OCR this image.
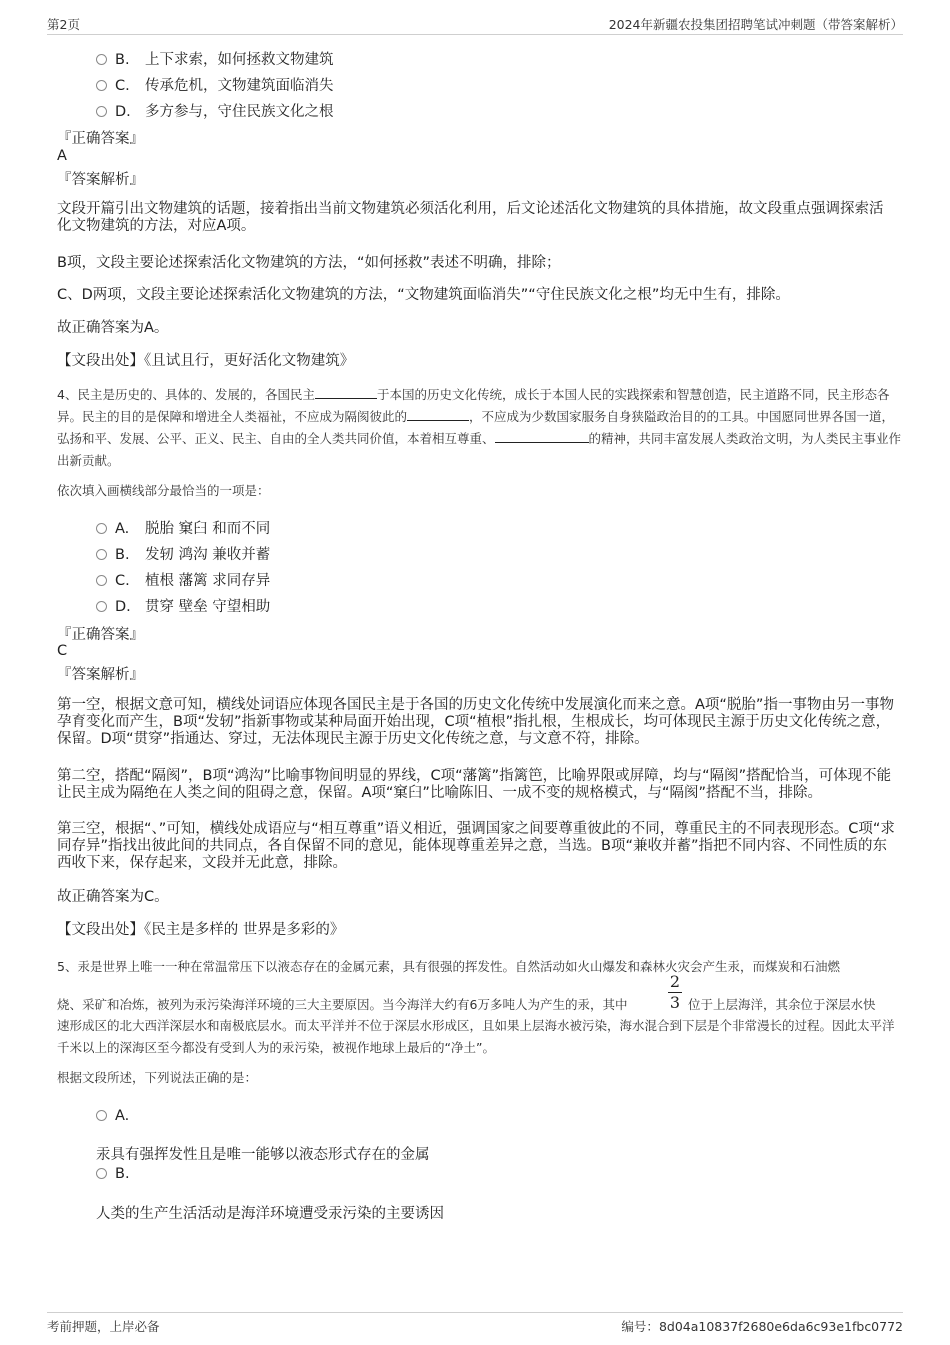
第2页	2024年新疆农投集团招聘笔试冲刺题（带答案解析）
B. 上下求索，如何拯救文物建筑
C. 传承危机，文物建筑面临消失
D. 多方参与，守住民族文化之根
『正确答案』
A
『答案解析』
文段开篇引出文物建筑的话题，接着指出当前文物建筑必须活化利用，后文论述活化文物建筑的具体措施，故文段重点强调探索活化文物建筑的方法，对应A项。
B项，文段主要论述探索活化文物建筑的方法，“如何拯救”表述不明确，排除；
C、D两项，文段主要论述探索活化文物建筑的方法，“文物建筑面临消失”“守住民族文化之根”均无中生有，排除。
故正确答案为A。
【文段出处】《且试且行，更好活化文物建筑》
4、民主是历史的、具体的、发展的，各国民主	于本国的历史文化传统，成长于本国人民的实践探索和智慧创造，民主道路不同，民主形态各异。民主的目的是保障和增进全人类福祉，不应成为隔阂彼此的	，不应成为少数国家服务自身狭隘政治目的的工具。中国愿同世界各国一道，弘扬和平、发展、公平、正义、民主、自由的全人类共同价值，本着相互尊重、	的精神，共同丰富发展人类政治文明，为人类民主事业作出新贡献。
依次填入画横线部分最恰当的一项是：
A. 脱胎 窠臼 和而不同
B. 发轫 鸿沟 兼收并蓄
C. 植根 藩篱 求同存异
D. 贯穿 壁垒 守望相助
『正确答案』
C
『答案解析』
第一空，根据文意可知，横线处词语应体现各国民主是于各国的历史文化传统中发展演化而来之意。A项“脱胎”指一事物由另一事物孕育变化而产生，B项“发轫”指新事物或某种局面开始出现，C项“植根”指扎根，生根成长，均可体现民主源于历史文化传统之意，保留。D项“贯穿”指通达、穿过，无法体现民主源于历史文化传统之意，与文意不符，排除。
第二空，搭配“隔阂”，B项“鸿沟”比喻事物间明显的界线，C项“藩篱”指篱笆，比喻界限或屏障，均与“隔阂”搭配恰当，可体现不能让民主成为隔绝在人类之间的阻碍之意，保留。A项“窠臼”比喻陈旧、一成不变的规格模式，与“隔阂”搭配不当，排除。
第三空，根据“、”可知，横线处成语应与“相互尊重”语义相近，强调国家之间要尊重彼此的不同，尊重民主的不同表现形态。C项“求同存异”指找出彼此间的共同点，各自保留不同的意见，能体现尊重差异之意，当选。B项“兼收并蓄”指把不同内容、不同性质的东西收下来，保存起来，文段并无此意，排除。
故正确答案为C。
【文段出处】《民主是多样的 世界是多彩的》
5、汞是世界上唯一一种在常温常压下以液态存在的金属元素，具有很强的挥发性。自然活动如火山爆发和森林火灾会产生汞，而煤炭和石油燃
烧、采矿和冶炼，被列为汞污染海洋环境的三大主要原因。当今海洋大约有6万多吨人为产生的汞，其中
2
3 位于上层海洋，其余位于深层水快
速形成区的北大西洋深层水和南极底层水。而太平洋并不位于深层水形成区，且如果上层海水被污染，海水混合到下层是个非常漫长的过程。因此太平洋千米以上的深海区至今都没有受到人为的汞污染，被视作地球上最后的“净土”。
根据文段所述，下列说法正确的是：
A.
汞具有强挥发性且是唯一能够以液态形式存在的金属
B.
人类的生产生活活动是海洋环境遭受汞污染的主要诱因
考前押题，上岸必备	编号：8d04a10837f2680e6da6c93e1fbc0772
